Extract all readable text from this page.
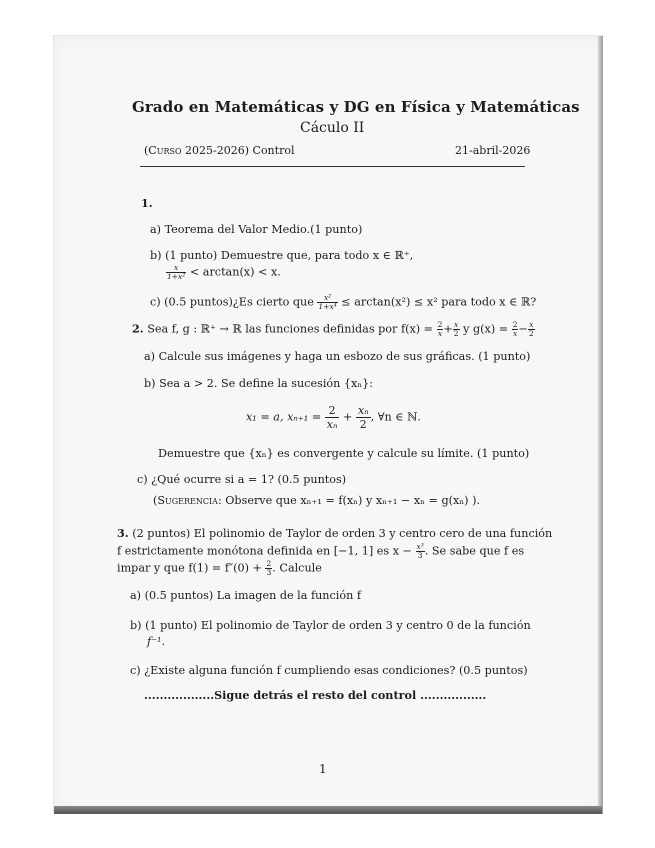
Grado en Matemáticas y DG en Física y Matemáticas
Cáculo II
(Curso 2025-2026) Control	21-abril-2026
1.
a) Teorema del Valor Medio.(1 punto)
b) (1 punto) Demuestre que, para todo x ∈ ℝ⁺,
$\frac{x}{\text{1+x²}} < \arctan(x) < x$.
c) (0.5 puntos)¿Es cierto que $\frac{\text{x²}}{\text{1+x⁴}} \le \arctan(x^2) \le x^2$ para todo x ∈ ℝ?
2. Sea f, g : ℝ⁺ → ℝ las funciones definidas por $f(x) = \frac{2}{x} + \frac{x}{2}$ y $g(x) = \frac{2}{x} - \frac{x}{2}$
a) Calcule sus imágenes y haga un esbozo de sus gráficas. (1 punto)
b) Sea a > 2. Se define la sucesión {xₙ}:
x₁ = a, $x_{n+1} = \frac{2}{\text{xₙ}} + \frac{\text{xₙ}}{2}$ , ∀n ∈ ℕ.
Demuestre que {xₙ} es convergente y calcule su límite. (1 punto)
c) ¿Qué ocurre si a = 1? (0.5 puntos)
(Sugerencia: Observe que xₙ₊₁ = f(xₙ) y xₙ₊₁ − xₙ = g(xₙ) ).
3. (2 puntos) El polinomio de Taylor de orden 3 y centro cero de una función
f estrictamente monótona definida en [−1, 1] es $x - \frac{\text{x³}}{3}$ . Se sabe que f es
impar y que $f(1) = f''(0) + \frac{2}{3}$ . Calcule
a) (0.5 puntos) La imagen de la función f
b) (1 punto) El polinomio de Taylor de orden 3 y centro 0 de la función
f⁻¹.
c) ¿Existe alguna función f cumpliendo esas condiciones? (0.5 puntos)
..................Sigue detrás el resto del control .................
1
